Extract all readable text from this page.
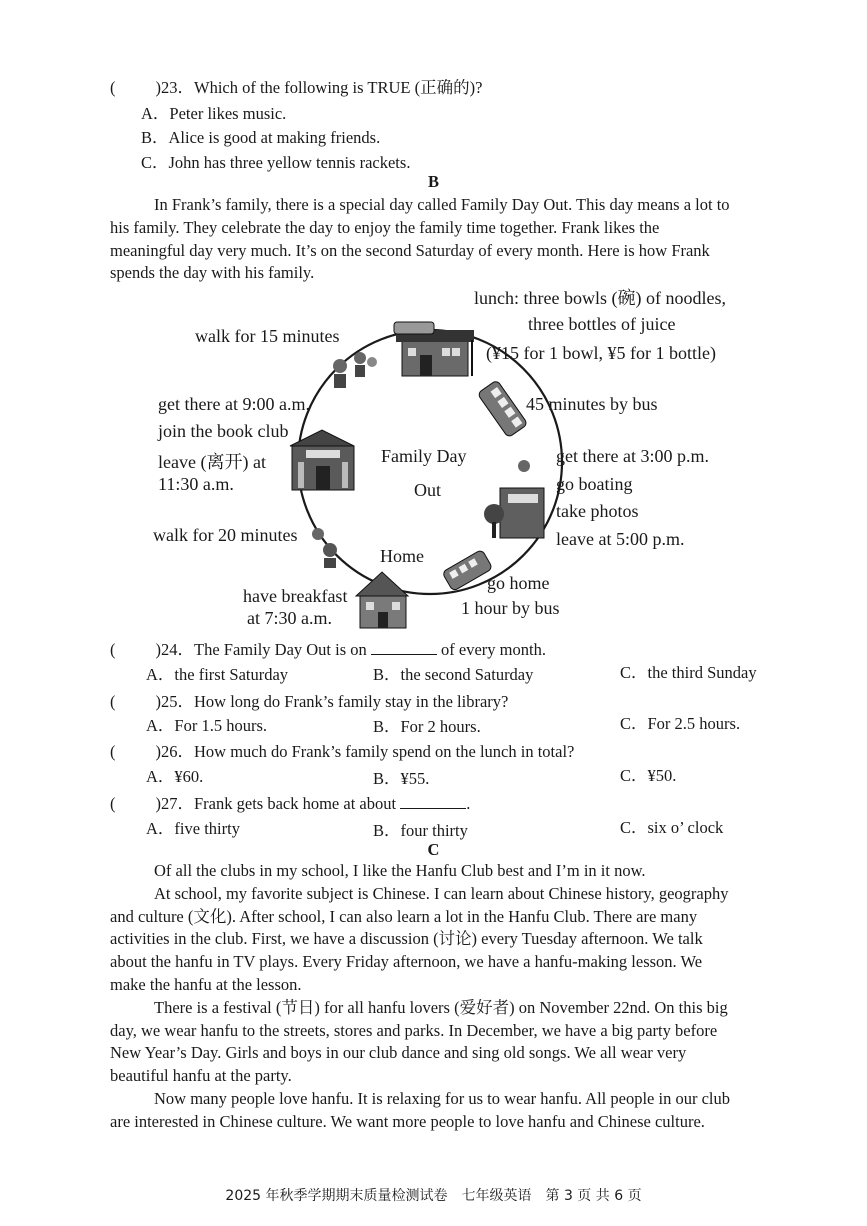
( )23．Which of the following is TRUE (正确的)?
A．Peter likes music.
B．Alice is good at making friends.
C．John has three yellow tennis rackets.
B
In Frank’s family, there is a special day called Family Day Out. This day means a lot to
his family. They celebrate the day to enjoy the family time together. Frank likes the
meaningful day very much. It’s on the second Saturday of every month. Here is how Frank
spends the day with his family.
Family Day
Out
Home
lunch: three bowls (碗) of noodles,
three bottles of juice
(¥15 for 1 bowl, ¥5 for 1 bottle)
walk for 15 minutes
45 minutes by bus
get there at 9:00 a.m.
join the book club
leave (离开) at
11:30 a.m.
get there at 3:00 p.m.
go boating
take photos
leave at 5:00 p.m.
walk for 20 minutes
have breakfast
at 7:30 a.m.
go home
1 hour by bus
( )24．The Family Day Out is on	of every month.
A．the first Saturday	B．the second Saturday	C．the third Sunday
( )25．How long do Frank’s family stay in the library?
A．For 1.5 hours.	B．For 2 hours.	C．For 2.5 hours.
( )26．How much do Frank’s family spend on the lunch in total?
A．¥60.	B．¥55.	C．¥50.
( )27．Frank gets back home at about	.
A．five thirty	B．four thirty	C．six o’ clock
C
Of all the clubs in my school, I like the Hanfu Club best and I’m in it now.
At school, my favorite subject is Chinese. I can learn about Chinese history, geography
and culture (文化). After school, I can also learn a lot in the Hanfu Club. There are many
activities in the club. First, we have a discussion (讨论) every Tuesday afternoon. We talk
about the hanfu in TV plays. Every Friday afternoon, we have a hanfu-making lesson. We
make the hanfu at the lesson.
There is a festival (节日) for all hanfu lovers (爱好者) on November 22nd. On this big
day, we wear hanfu to the streets, stores and parks. In December, we have a big party before
New Year’s Day. Girls and boys in our club dance and sing old songs. We all wear very
beautiful hanfu at the party.
Now many people love hanfu. It is relaxing for us to wear hanfu. All people in our club
are interested in Chinese culture. We want more people to love hanfu and Chinese culture.
2025 年秋季学期期末质量检测试卷　七年级英语　第 3 页 共 6 页
